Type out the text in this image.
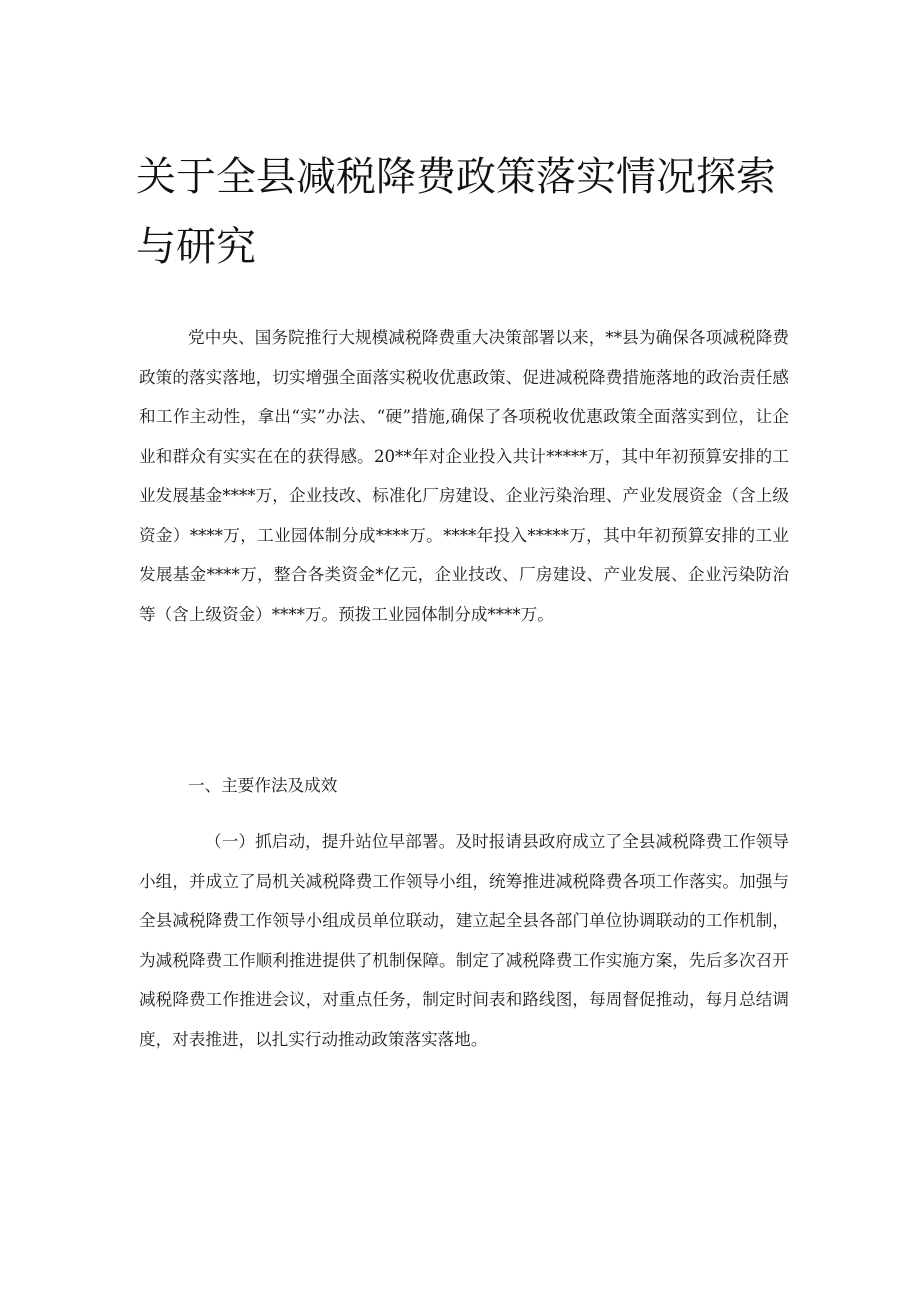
关于全县减税降费政策落实情况探索与研究

党中央、国务院推行大规模减税降费重大决策部署以来，**县为确保各项减税降费政策的落实落地，切实增强全面落实税收优惠政策、促进减税降费措施落地的政治责任感和工作主动性，拿出“实”办法、“硬”措施,确保了各项税收优惠政策全面落实到位，让企业和群众有实实在在的获得感。20**年对企业投入共计*****万，其中年初预算安排的工业发展基金****万，企业技改、标准化厂房建设、企业污染治理、产业发展资金（含上级资金）****万，工业园体制分成****万。****年投入*****万，其中年初预算安排的工业发展基金****万，整合各类资金*亿元，企业技改、厂房建设、产业发展、企业污染防治等（含上级资金）****万。预拨工业园体制分成****万。

一、主要作法及成效

（一）抓启动，提升站位早部署。及时报请县政府成立了全县减税降费工作领导小组，并成立了局机关减税降费工作领导小组，统筹推进减税降费各项工作落实。加强与全县减税降费工作领导小组成员单位联动，建立起全县各部门单位协调联动的工作机制，为减税降费工作顺利推进提供了机制保障。制定了减税降费工作实施方案，先后多次召开减税降费工作推进会议，对重点任务，制定时间表和路线图，每周督促推动，每月总结调度，对表推进，以扎实行动推动政策落实落地。
